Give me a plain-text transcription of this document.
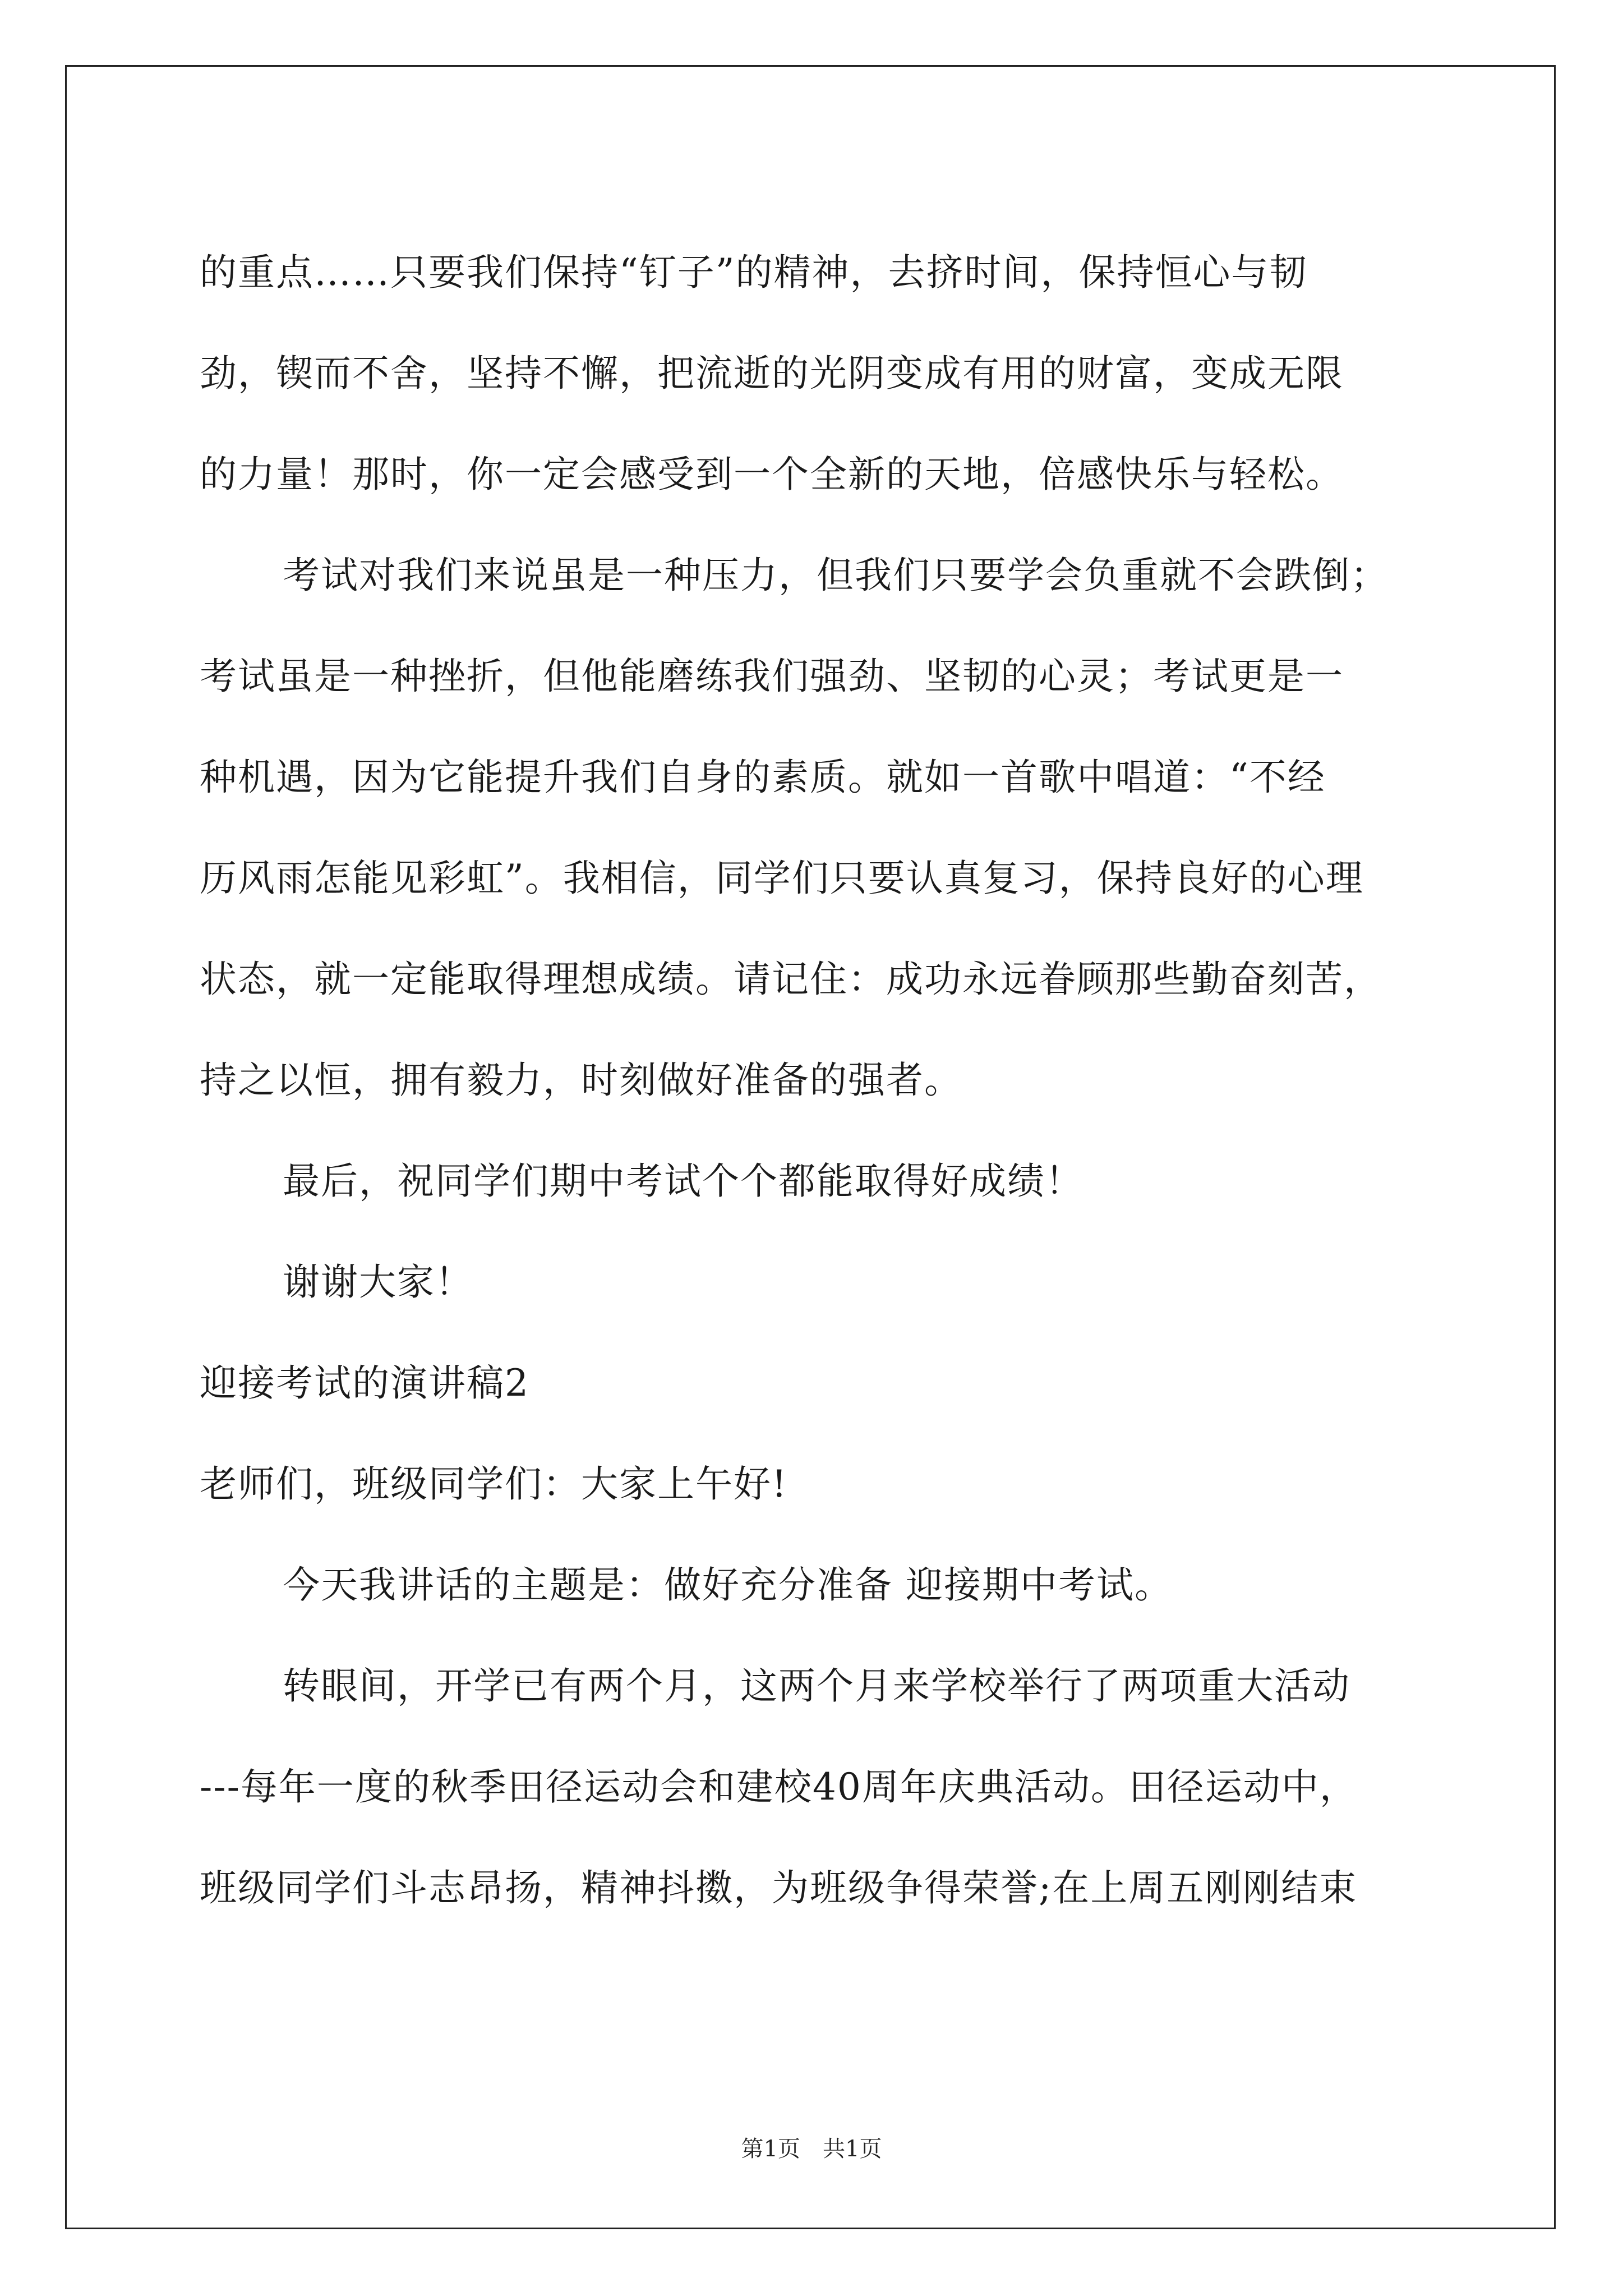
的重点……只要我们保持“钉子”的精神，去挤时间，保持恒心与韧
劲，锲而不舍，坚持不懈，把流逝的光阴变成有用的财富，变成无限
的力量！那时，你一定会感受到一个全新的天地，倍感快乐与轻松。
考试对我们来说虽是一种压力，但我们只要学会负重就不会跌倒；
考试虽是一种挫折，但他能磨练我们强劲、坚韧的心灵；考试更是一
种机遇，因为它能提升我们自身的素质。就如一首歌中唱道：“不经
历风雨怎能见彩虹”。我相信，同学们只要认真复习，保持良好的心理
状态，就一定能取得理想成绩。请记住：成功永远眷顾那些勤奋刻苦，
持之以恒，拥有毅力，时刻做好准备的强者。
最后，祝同学们期中考试个个都能取得好成绩！
谢谢大家！
迎接考试的演讲稿2
老师们，班级同学们：大家上午好!
今天我讲话的主题是：做好充分准备 迎接期中考试。
转眼间，开学已有两个月，这两个月来学校举行了两项重大活动
---每年一度的秋季田径运动会和建校40周年庆典活动。田径运动中，
班级同学们斗志昂扬，精神抖擞，为班级争得荣誉;在上周五刚刚结束
第1页 共1页
